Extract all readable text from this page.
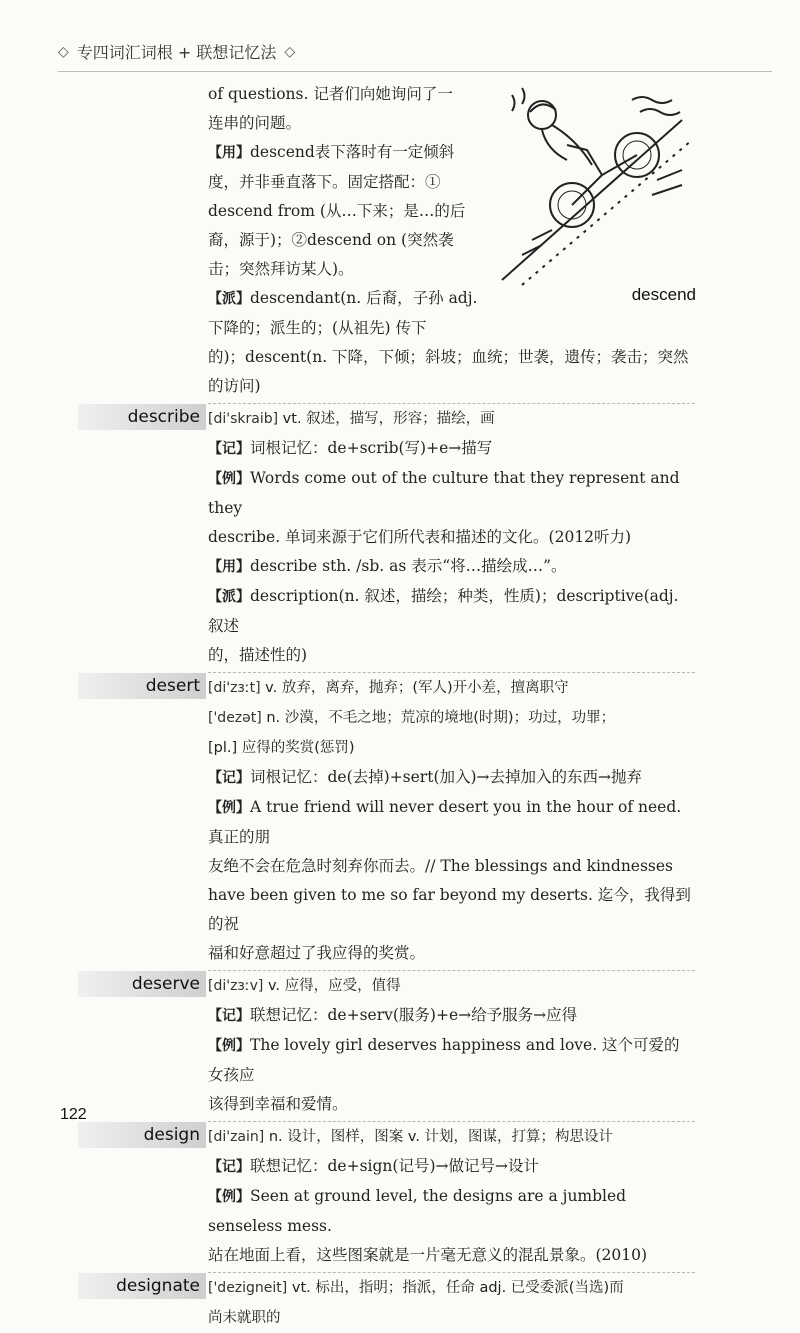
◇ 专四词汇词根 + 联想记忆法 ◇
descend
of questions. 记者们向她询问了一
连串的问题。
【用】descend表下落时有一定倾斜
度，并非垂直落下。固定搭配：①
descend from (从…下来；是…的后
裔，源于)；②descend on (突然袭
击；突然拜访某人)。
【派】descendant(n. 后裔，子孙 adj.
下降的；派生的；(从祖先) 传下
的)；descent(n. 下降，下倾；斜坡；血统；世袭，遗传；袭击；突然
的访问)
describe [di'skraib] vt. 叙述，描写，形容；描绘，画
【记】词根记忆：de+scrib(写)+e→描写
【例】Words come out of the culture that they represent and they
describe. 单词来源于它们所代表和描述的文化。(2012听力)
【用】describe sth. /sb. as 表示“将…描绘成…”。
【派】description(n. 叙述，描绘；种类，性质)；descriptive(adj. 叙述
的，描述性的)
desert [di'zɜːt] v. 放弃，离弃，抛弃；(军人)开小差，擅离职守
['dezət] n. 沙漠，不毛之地；荒凉的境地(时期)；功过，功罪；
[pl.] 应得的奖赏(惩罚)
【记】词根记忆：de(去掉)+sert(加入)→去掉加入的东西→抛弃
【例】A true friend will never desert you in the hour of need. 真正的朋
友绝不会在危急时刻弃你而去。// The blessings and kindnesses
have been given to me so far beyond my deserts. 迄今，我得到的祝
福和好意超过了我应得的奖赏。
deserve [di'zɜːv] v. 应得，应受，值得
【记】联想记忆：de+serv(服务)+e→给予服务→应得
【例】The lovely girl deserves happiness and love. 这个可爱的女孩应
该得到幸福和爱情。
design [di'zain] n. 设计，图样，图案 v. 计划，图谋，打算；构思设计
【记】联想记忆：de+sign(记号)→做记号→设计
【例】Seen at ground level, the designs are a jumbled senseless mess.
站在地面上看，这些图案就是一片毫无意义的混乱景象。(2010)
designate ['dezigneit] vt. 标出，指明；指派，任命 adj. 已受委派(当选)而
尚未就职的
122
